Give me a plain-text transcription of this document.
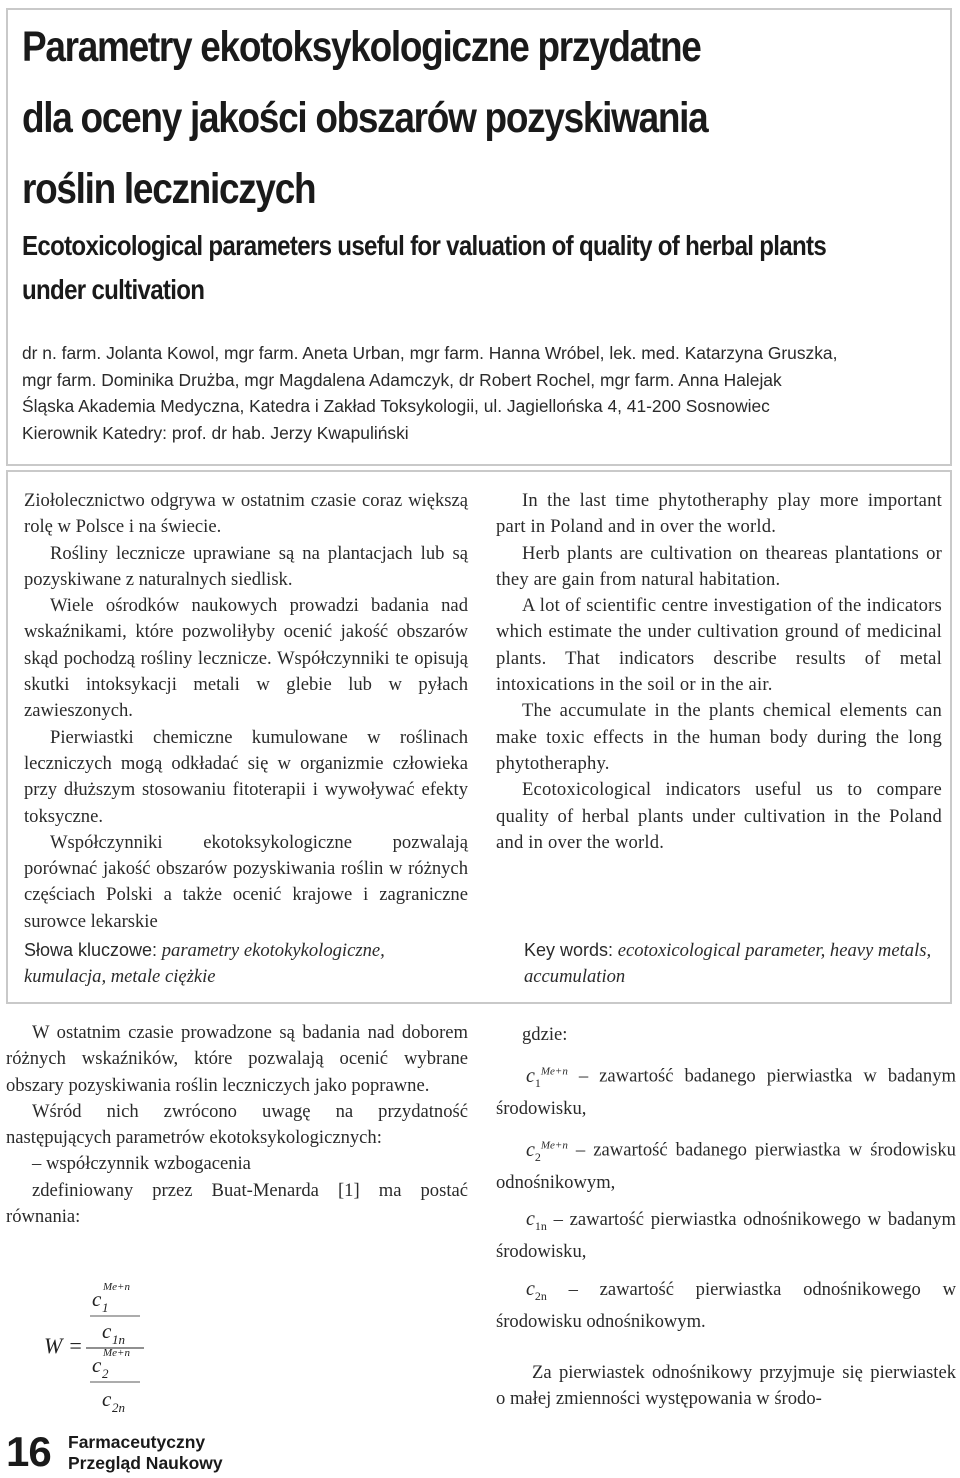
Parametry ekotoksykologiczne przydatne
dla oceny jakości obszarów pozyskiwania
roślin leczniczych
Ecotoxicological parameters useful for valuation of quality of herbal plants
under cultivation
dr n. farm. Jolanta Kowol, mgr farm. Aneta Urban, mgr farm. Hanna Wróbel, lek. med. Katarzyna Gruszka,
mgr farm. Dominika Drużba, mgr Magdalena Adamczyk, dr Robert Rochel, mgr farm. Anna Halejak
Śląska Akademia Medyczna, Katedra i Zakład Toksykologii, ul. Jagiellońska 4, 41-200 Sosnowiec
Kierownik Katedry: prof. dr hab. Jerzy Kwapuliński

Ziołolecznictwo odgrywa w ostatnim czasie coraz większą rolę w Polsce i na świecie.

Rośliny lecznicze uprawiane są na plantacjach lub są pozyskiwane z naturalnych siedlisk.

Wiele ośrodków naukowych prowadzi badania nad wskaźnikami, które pozwoliłyby ocenić jakość obszarów skąd pochodzą rośliny lecznicze. Współczynniki te opisują skutki intoksykacji metali w glebie lub w pyłach zawieszonych.

Pierwiastki chemiczne kumulowane w roślinach leczniczych mogą odkładać się w organizmie człowieka przy dłuższym stosowaniu fitoterapii i wywoływać efekty toksyczne.

Współczynniki ekotoksykologiczne pozwalają porównać jakość obszarów pozyskiwania roślin w różnych częściach Polski a także ocenić krajowe i zagraniczne surowce lekarskie

Słowa kluczowe: parametry ekotokykologiczne, kumulacja, metale ciężkie

In the last time phytotheraphy play more important part in Poland and in over the world.

Herb plants are cultivation on theareas plantations or they are gain from natural habitation.

A lot of scientific centre investigation of the indicators which estimate the under cultivation ground of medicinal plants. That indicators describe results of metal intoxications in the soil or in the air.

The accumulate in the plants chemical elements can make toxic effects in the human body during the long phytotheraphy.

Ecotoxicological indicators useful us to compare quality of herbal plants under cultivation in the Poland and in over the world.

Key words: ecotoxicological parameter, heavy metals, accumulation

W ostatnim czasie prowadzone są badania nad doborem różnych wskaźników, które pozwalają ocenić wybrane obszary pozyskiwania roślin leczniczych jako poprawne.

Wśród nich zwrócono uwagę na przydatność następujących parametrów ekotoksykologicznych:

– współczynnik wzbogacenia

zdefiniowany przez Buat-Menarda [1] ma postać równania:

W =
c 1
Me+n
c 1n
c 2
Me+n
c 2n
gdzie:
$c_1^{Me+n}$ – zawartość badanego pierwiastka w badanym środowisku,
$c_2^{Me+n}$ – zawartość badanego pierwiastka w środowisku odnośnikowym,
$c_{1n}$ – zawartość pierwiastka odnośnikowego w badanym środowisku,
$c_{2n}$ – zawartość pierwiastka odnośnikowego w środowisku odnośnikowym.
Za pierwiastek odnośnikowy przyjmuje się pierwiastek o małej zmienności występowania w środo-
16 Farmaceutyczny
Przegląd Naukowy
